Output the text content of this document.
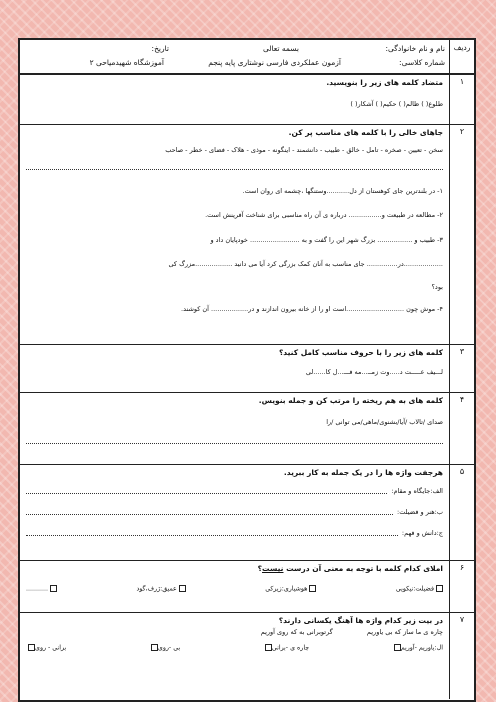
ردیف
نام و نام خانوادگی:
بسمه تعالی
تاریخ:
شماره کلاسی:
آزمون عملکردی فارسی نوشتاری پایه پنجم
آموزشگاه شهیدمیاحی ۲
۱
متضاد کلمه های زیر را بنویسید.
طلوع( ) ظالم( ) حکیم( ) آشکار( )
۲
جاهای خالی را با کلمه های مناسب پر کن.
سخن - تعیین - صخره - تامل - خالق - طبیب - دانشمند - اینگونه - موذی - هلاک - فضای - خطر - صاحب
۱- در بلندترین جای کوهستان از دل...........وستنگها ،چشمه ای روان است.
۲- مطالعه در طبیعت و................ درباره ی آن راه مناسبی برای شناخت آفرینش است.
۳- طبیب و ................. بزرگ شهر این را گفت و به ........................ خودپایان داد و
...................در............... جای مناسب به آنان کمک بزرگی کرد آیا می دانید ..................مزرگ کی
بود؟
۴- موش چون ............................است او را از خانه بیرون اندازند و در.................. آن کوشند.
۳
کلمه های زیر را با حروف مناسب کامل کنید؟
لـــیف عـــــت د.....وت زمــ...مه فـــ...ل کا......لی
۴
کلمه های به هم ریخته را مرتب کن و جمله بنویس.
صدای /تالاب /آیا/بشنوی/ماهی/می توانی /را
۵
هرجفت واژه ها را در یک جمله به کار ببرید.
الف:جایگاه و مقام:
ب:هنر و فضیلت:
ج:دانش و فهم:
۶
املای کدام کلمه با توجه به معنی آن درست نیست؟
فضیلت:نیکویی
هوشیاری:زیرکی
عمیق:ژرف،گود
...........
۷
در بیت زیر کدام واژه ها آهنگ یکسانی دارند؟
چاره ی ما ساز که بی یاوریم  گرتوبرانی به که روی آوریم
ال:یاوریم -آوریم
چاره ی -برانی
بی -روی
برانی - روی
